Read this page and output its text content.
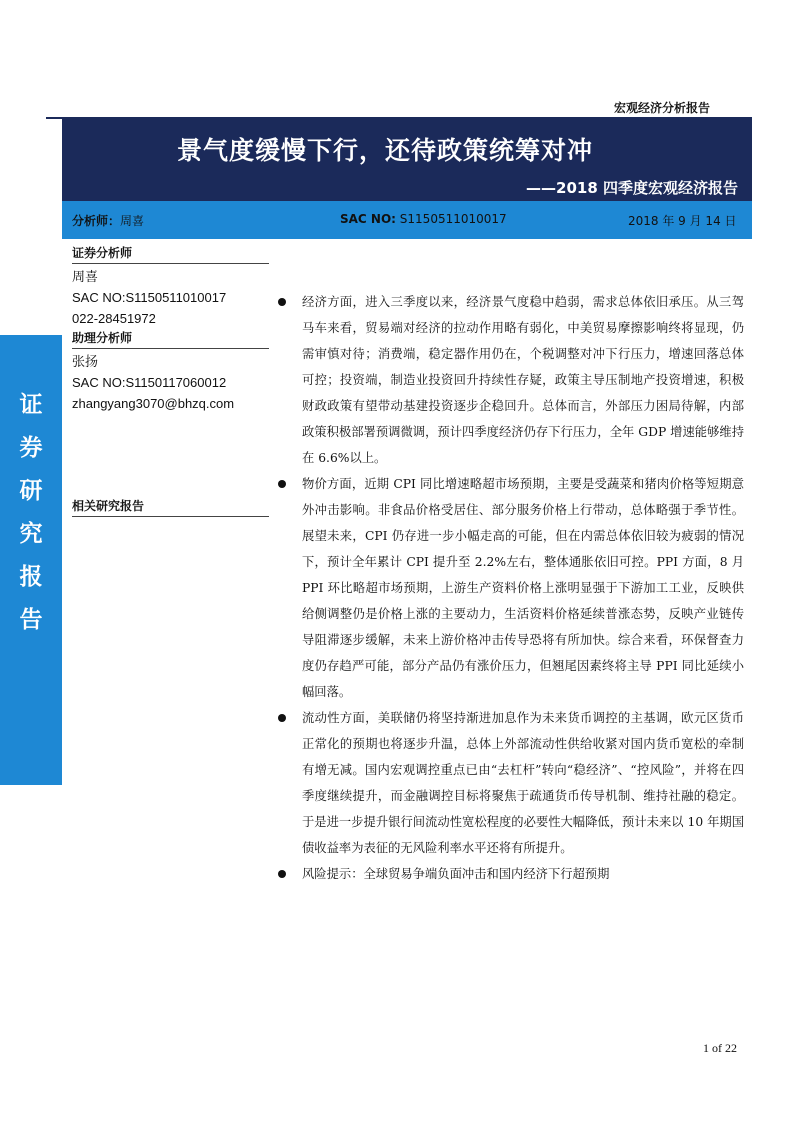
宏观经济分析报告
景气度缓慢下行，还待政策统筹对冲
——2018 四季度宏观经济报告
分析师：周喜	SAC NO: S1150511010017	2018 年 9 月 14 日
证
券
研
究
报
告
证券分析师
周喜
SAC NO:S1150511010017
022-28451972
助理分析师
张扬
SAC NO:S1150117060012
zhangyang3070@bhzq.com
相关研究报告
经济方面，进入三季度以来，经济景气度稳中趋弱，需求总体依旧承压。从三驾马车来看，贸易端对经济的拉动作用略有弱化，中美贸易摩擦影响终将显现，仍需审慎对待；消费端，稳定器作用仍在，个税调整对冲下行压力，增速回落总体可控；投资端，制造业投资回升持续性存疑，政策主导压制地产投资增速，积极财政政策有望带动基建投资逐步企稳回升。总体而言，外部压力困局待解，内部政策积极部署预调微调，预计四季度经济仍存下行压力，全年 GDP 增速能够维持在 6.6%以上。
物价方面，近期 CPI 同比增速略超市场预期，主要是受蔬菜和猪肉价格等短期意外冲击影响。非食品价格受居住、部分服务价格上行带动，总体略强于季节性。展望未来，CPI 仍存进一步小幅走高的可能，但在内需总体依旧较为疲弱的情况下，预计全年累计 CPI 提升至 2.2%左右，整体通胀依旧可控。PPI 方面，8 月 PPI 环比略超市场预期，上游生产资料价格上涨明显强于下游加工工业，反映供给侧调整仍是价格上涨的主要动力，生活资料价格延续普涨态势，反映产业链传导阻滞逐步缓解，未来上游价格冲击传导恐将有所加快。综合来看，环保督查力度仍存趋严可能，部分产品仍有涨价压力，但翘尾因素终将主导 PPI 同比延续小幅回落。
流动性方面，美联储仍将坚持渐进加息作为未来货币调控的主基调，欧元区货币正常化的预期也将逐步升温，总体上外部流动性供给收紧对国内货币宽松的牵制有增无减。国内宏观调控重点已由“去杠杆”转向“稳经济”、“控风险”，并将在四季度继续提升，而金融调控目标将聚焦于疏通货币传导机制、维持社融的稳定。于是进一步提升银行间流动性宽松程度的必要性大幅降低，预计未来以 10 年期国债收益率为表征的无风险利率水平还将有所提升。
风险提示：全球贸易争端负面冲击和国内经济下行超预期
1 of 22
